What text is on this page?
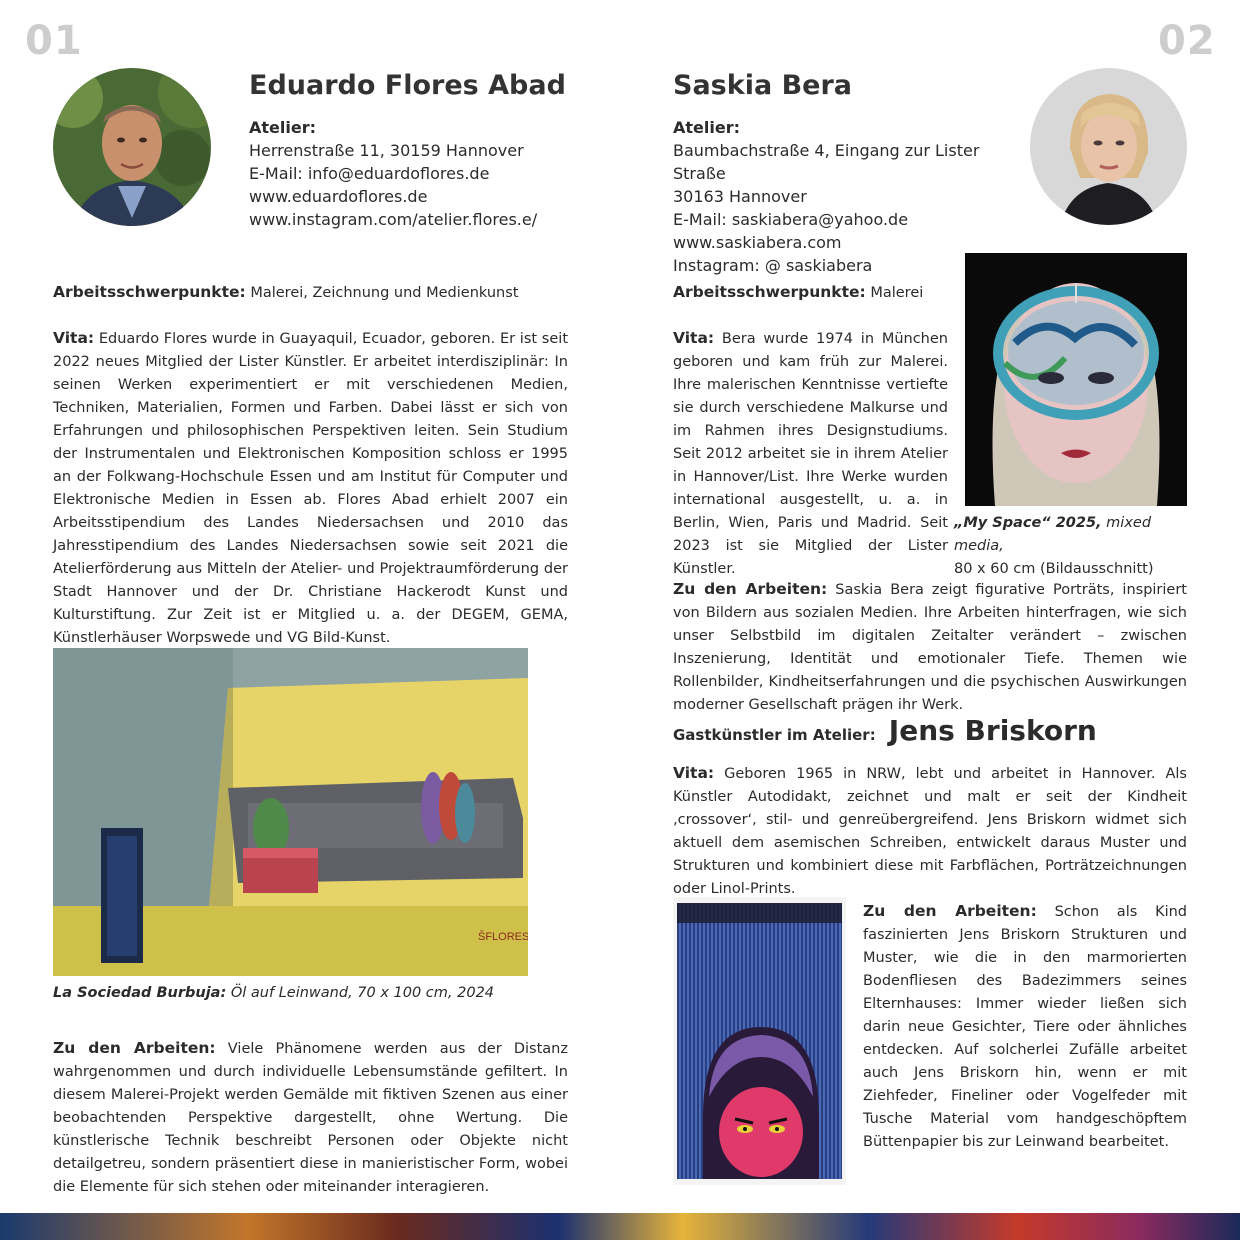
01	02
Eduardo Flores Abad
Atelier:
Herrenstraße 11, 30159 Hannover
E-Mail: info@eduardoflores.de
www.eduardoflores.de
www.instagram.com/atelier.flores.e/
Arbeitsschwerpunkte: Malerei, Zeichnung und Medienkunst
Vita: Eduardo Flores wurde in Guayaquil, Ecuador, geboren. Er ist seit 2022 neues Mitglied der Lister Künstler. Er arbeitet interdisziplinär: In seinen Werken experimentiert er mit verschiedenen Medien, Techniken, Materialien, Formen und Farben. Dabei lässt er sich von Erfahrungen und philosophischen Perspektiven leiten. Sein Studium der Instrumentalen und Elektronischen Komposition schloss er 1995 an der Folkwang-Hochschule Essen und am Institut für Computer und Elektronische Medien in Essen ab. Flores Abad erhielt 2007 ein Arbeitsstipendium des Landes Niedersachsen und 2010 das Jahresstipendium des Landes Niedersachsen sowie seit 2021 die Atelierförderung aus Mitteln der Atelier- und Projektraumförderung der Stadt Hannover und der Dr. Christiane Hackerodt Kunst und Kulturstiftung. Zur Zeit ist er Mitglied u. a. der DEGEM, GEMA, Künstlerhäuser Worpswede und VG Bild-Kunst.
ŠFLORES
La Sociedad Burbuja: Öl auf Leinwand, 70 x 100 cm, 2024
Zu den Arbeiten: Viele Phänomene werden aus der Distanz wahrgenommen und durch individuelle Lebensumstände gefiltert. In diesem Malerei-Projekt werden Gemälde mit fiktiven Szenen aus einer beobachtenden Perspektive dargestellt, ohne Wertung. Die künstlerische Technik beschreibt Personen oder Objekte nicht detailgetreu, sondern präsentiert diese in manieristischer Form, wobei die Elemente für sich stehen oder miteinander interagieren.
Saskia Bera
Atelier:
Baumbachstraße 4, Eingang zur Lister Straße
30163 Hannover
E-Mail: saskiabera@yahoo.de
www.saskiabera.com
Instagram: @ saskiabera
Arbeitsschwerpunkte: Malerei
Vita: Bera wurde 1974 in München geboren und kam früh zur Malerei. Ihre malerischen Kenntnisse vertiefte sie durch verschiedene Malkurse und im Rahmen ihres Designstudiums. Seit 2012 arbeitet sie in ihrem Atelier in Hannover/List. Ihre Werke wurden international ausgestellt, u. a. in Berlin, Wien, Paris und Madrid. Seit 2023 ist sie Mitglied der Lister Künstler.
„My Space“ 2025, mixed media,
80 x 60 cm (Bildausschnitt)
Zu den Arbeiten: Saskia Bera zeigt figurative Porträts, inspiriert von Bildern aus sozialen Medien. Ihre Arbeiten hinterfragen, wie sich unser Selbstbild im digitalen Zeitalter verändert – zwischen Inszenierung, Identität und emotionaler Tiefe. Themen wie Rollenbilder, Kindheitserfahrungen und die psychischen Auswirkungen moderner Gesellschaft prägen ihr Werk.
Gastkünstler im Atelier: Jens Briskorn
Vita: Geboren 1965 in NRW, lebt und arbeitet in Hannover. Als Künstler Autodidakt, zeichnet und malt er seit der Kindheit ‚crossover‘, stil- und genreübergreifend. Jens Briskorn widmet sich aktuell dem asemischen Schreiben, entwickelt daraus Muster und Strukturen und kombiniert diese mit Farbflächen, Porträtzeichnungen oder Linol-Prints.
Zu den Arbeiten: Schon als Kind faszinierten Jens Briskorn Strukturen und Muster, wie die in den marmorierten Bodenfliesen des Badezimmers seines Elternhauses: Immer wieder ließen sich darin neue Gesichter, Tiere oder ähnliches entdecken. Auf solcherlei Zufälle arbeitet auch Jens Briskorn hin, wenn er mit Ziehfeder, Fineliner oder Vogelfeder mit Tusche Material vom handgeschöpftem Büttenpapier bis zur Leinwand bearbeitet.
